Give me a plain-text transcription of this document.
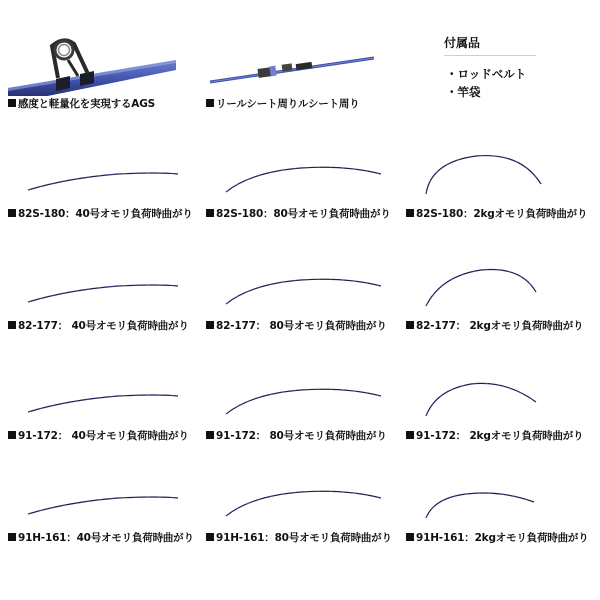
感度と軽量化を実現するAGS	リールシート周りルシート周り
付属品
・ロッドベルト
・竿袋
82S-180：40号オモリ負荷時曲がり	82S-180：80号オモリ負荷時曲がり	82S-180：2kgオモリ負荷時曲がり
82-177： 40号オモリ負荷時曲がり	82-177： 80号オモリ負荷時曲がり	82-177： 2kgオモリ負荷時曲がり
91-172： 40号オモリ負荷時曲がり	91-172： 80号オモリ負荷時曲がり	91-172： 2kgオモリ負荷時曲がり
91H-161：40号オモリ負荷時曲がり	91H-161：80号オモリ負荷時曲がり	91H-161：2kgオモリ負荷時曲がり
